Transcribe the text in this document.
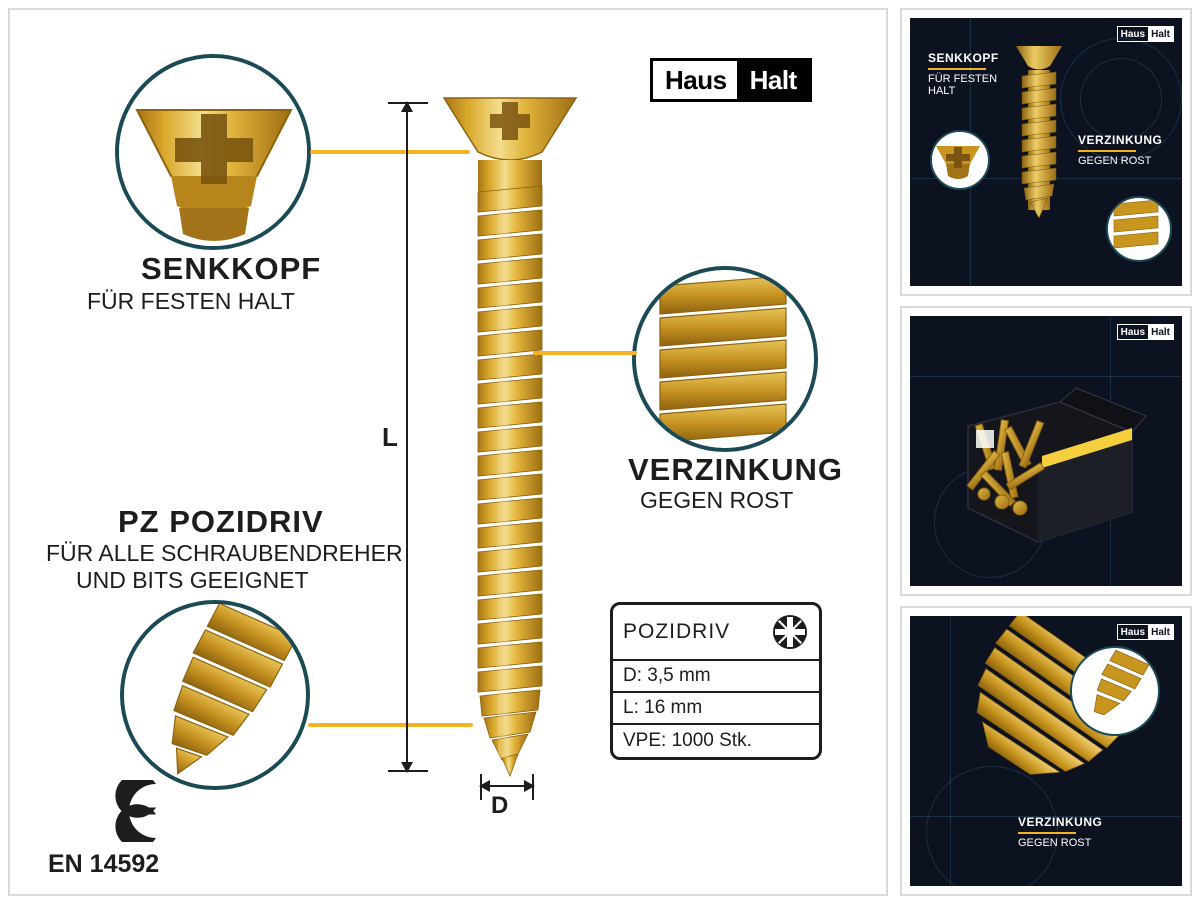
Haus Halt
SENKKOPF
FÜR FESTEN HALT
VERZINKUNG
GEGEN ROST
PZ POZIDRIV
FÜR ALLE SCHRAUBENDREHER
UND BITS GEEIGNET
L
D
POZIDRIV
D: 3,5 mm
L: 16 mm
VPE: 1000 Stk.
EN 14592
Haus Halt
SENKKOPF
FÜR FESTEN
HALT
VERZINKUNG
GEGEN ROST
Haus Halt
Haus Halt
VERZINKUNG
GEGEN ROST
